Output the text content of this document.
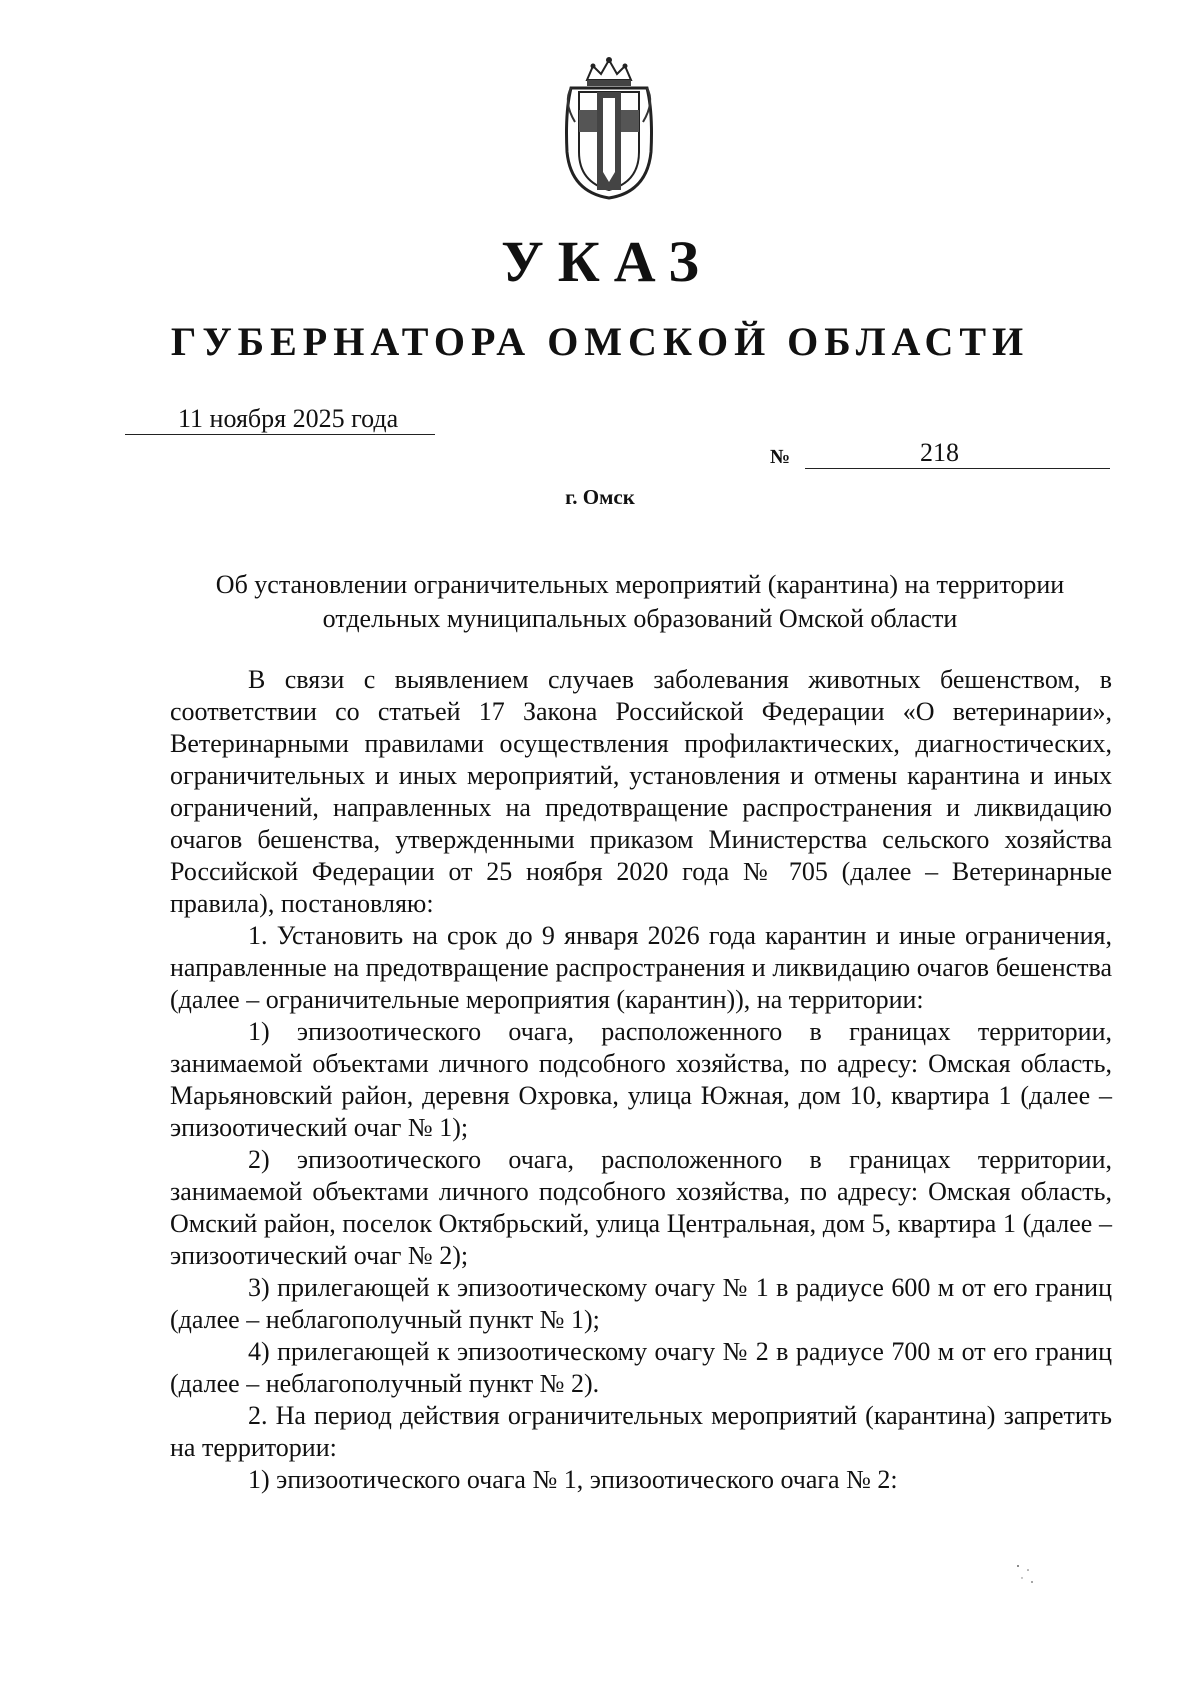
УКАЗ
ГУБЕРНАТОРА ОМСКОЙ ОБЛАСТИ
11 ноября 2025 года
№	218
г. Омск
Об установлении ограничительных мероприятий (карантина) на территории
отдельных муниципальных образований Омской области

В связи с выявлением случаев заболевания животных бешенством, в соответствии со статьей 17 Закона Российской Федерации «О ветеринарии», Ветеринарными правилами осуществления профилактических, диагностических, ограничительных и иных мероприятий, установления и отмены карантина и иных ограничений, направленных на предотвращение распространения и ликвидацию очагов бешенства, утвержденными приказом Министерства сельского хозяйства Российской Федерации от 25 ноября 2020 года № 705 (далее – Ветеринарные правила), постановляю:

1. Установить на срок до 9 января 2026 года карантин и иные ограничения, направленные на предотвращение распространения и ликвидацию очагов бешенства (далее – ограничительные мероприятия (карантин)), на территории:

1) эпизоотического очага, расположенного в границах территории, занимаемой объектами личного подсобного хозяйства, по адресу: Омская область, Марьяновский район, деревня Охровка, улица Южная, дом 10, квартира 1 (далее – эпизоотический очаг № 1);

2) эпизоотического очага, расположенного в границах территории, занимаемой объектами личного подсобного хозяйства, по адресу: Омская область, Омский район, поселок Октябрьский, улица Центральная, дом 5, квартира 1 (далее – эпизоотический очаг № 2);

3) прилегающей к эпизоотическому очагу № 1 в радиусе 600 м от его границ (далее – неблагополучный пункт № 1);

4) прилегающей к эпизоотическому очагу № 2 в радиусе 700 м от его границ (далее – неблагополучный пункт № 2).

2. На период действия ограничительных мероприятий (карантина) запретить на территории:

1) эпизоотического очага № 1, эпизоотического очага № 2:
